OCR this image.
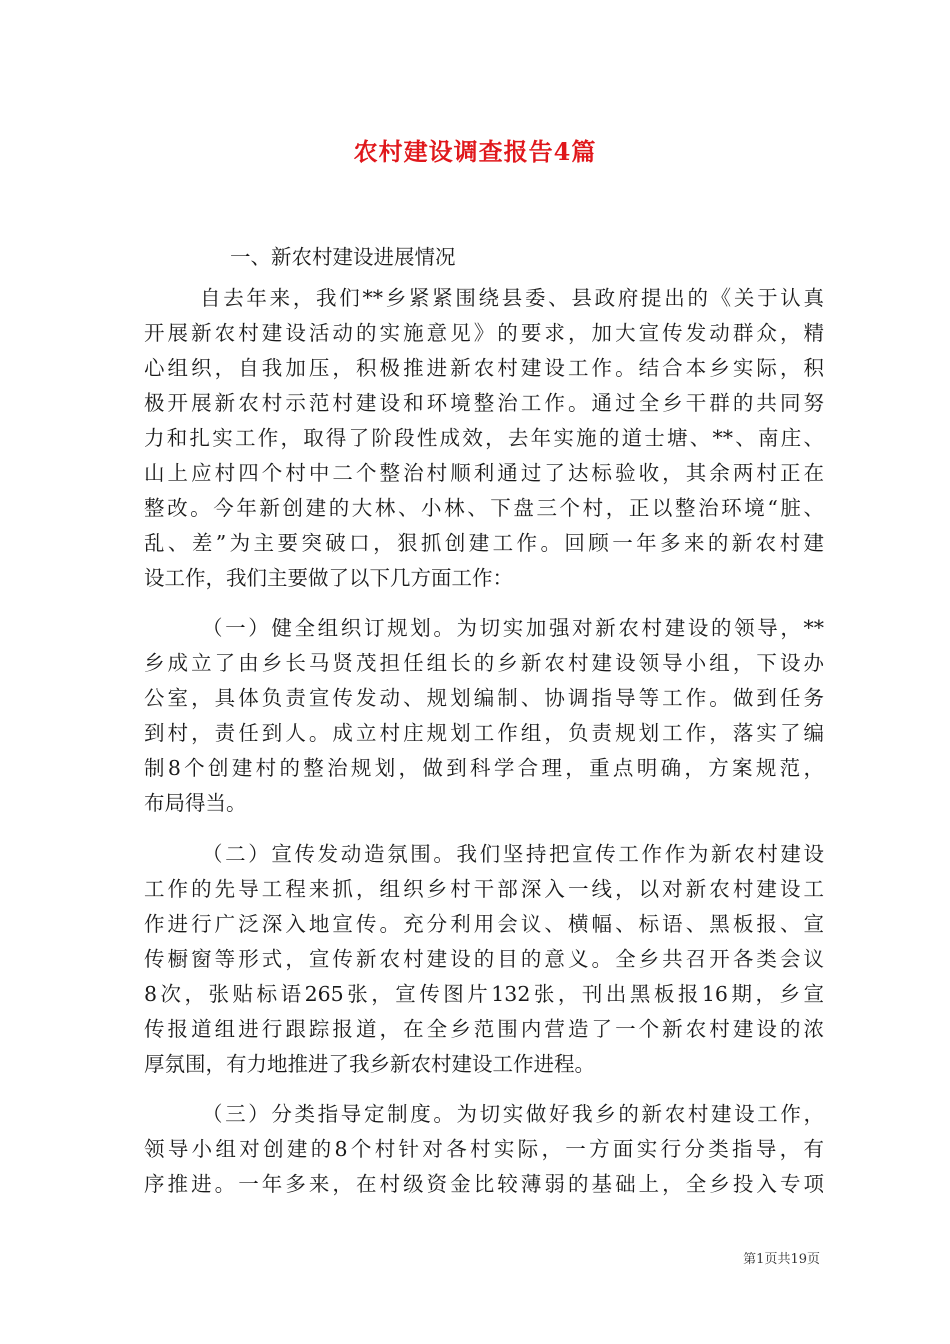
农村建设调查报告4篇
一、新农村建设进展情况
自去年来，我们**乡紧紧围绕县委、县政府提出的《关于认真
开展新农村建设活动的实施意见》的要求，加大宣传发动群众，精
心组织，自我加压，积极推进新农村建设工作。结合本乡实际，积
极开展新农村示范村建设和环境整治工作。通过全乡干群的共同努
力和扎实工作，取得了阶段性成效，去年实施的道士塘、**、南庄、
山上应村四个村中二个整治村顺利通过了达标验收，其余两村正在
整改。今年新创建的大林、小林、下盘三个村，正以整治环境“脏、
乱、差”为主要突破口，狠抓创建工作。回顾一年多来的新农村建
设工作，我们主要做了以下几方面工作：
（一）健全组织订规划。为切实加强对新农村建设的领导，**
乡成立了由乡长马贤茂担任组长的乡新农村建设领导小组，下设办
公室，具体负责宣传发动、规划编制、协调指导等工作。做到任务
到村，责任到人。成立村庄规划工作组，负责规划工作，落实了编
制8个创建村的整治规划，做到科学合理，重点明确，方案规范，
布局得当。
（二）宣传发动造氛围。我们坚持把宣传工作作为新农村建设
工作的先导工程来抓，组织乡村干部深入一线，以对新农村建设工
作进行广泛深入地宣传。充分利用会议、横幅、标语、黑板报、宣
传橱窗等形式，宣传新农村建设的目的意义。全乡共召开各类会议
8次，张贴标语265张，宣传图片132张，刊出黑板报16期，乡宣
传报道组进行跟踪报道，在全乡范围内营造了一个新农村建设的浓
厚氛围，有力地推进了我乡新农村建设工作进程。
（三）分类指导定制度。为切实做好我乡的新农村建设工作，
领导小组对创建的8个村针对各村实际，一方面实行分类指导，有
序推进。一年多来，在村级资金比较薄弱的基础上，全乡投入专项
第1页共19页
